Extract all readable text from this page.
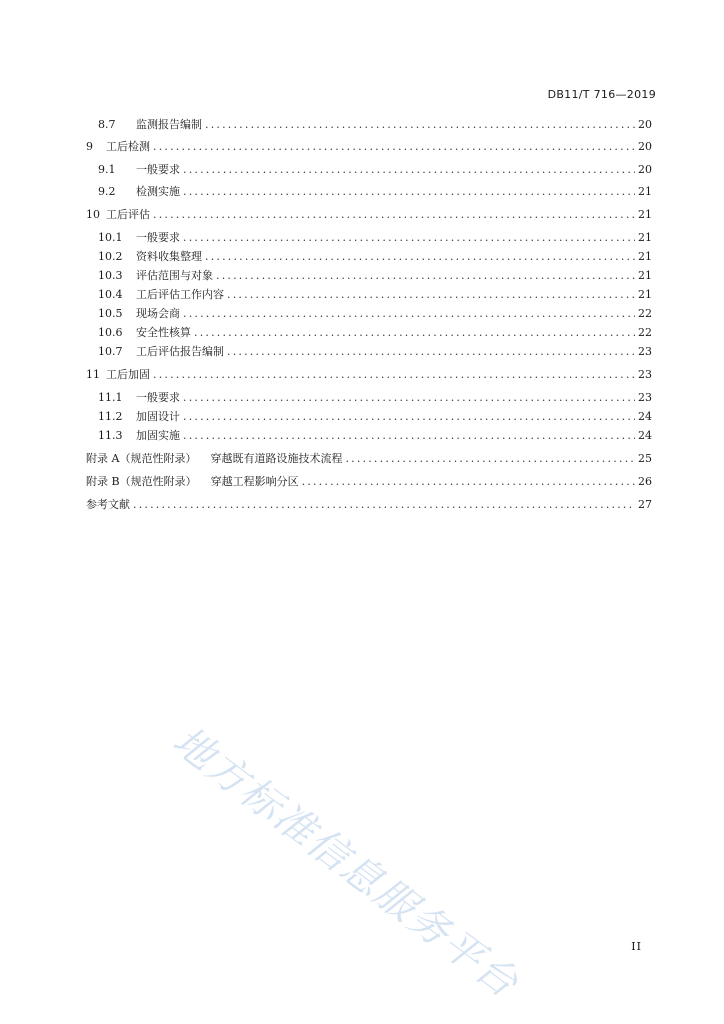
DB11/T 716—2019
8.7	监测报告编制 .....	20
9	工后检测 .....	20
9.1	一般要求 .....	20
9.2	检测实施 .....	21
10 工后评估 .....	21
10.1	一般要求 .....	21
10.2	资料收集整理 .....	21
10.3	评估范围与对象 .....	21
10.4	工后评估工作内容 .....	21
10.5	现场会商 .....	22
10.6	安全性核算 .....	22
10.7	工后评估报告编制 .....	23
11 工后加固 .....	23
11.1	一般要求 .....	23
11.2	加固设计 .....	24
11.3	加固实施 .....	24
附录 A（规范性附录） 穿越既有道路设施技术流程 .....	25
附录 B（规范性附录） 穿越工程影响分区 .....	26
参考文献 .....	27
地方标准信息服务平台	II
